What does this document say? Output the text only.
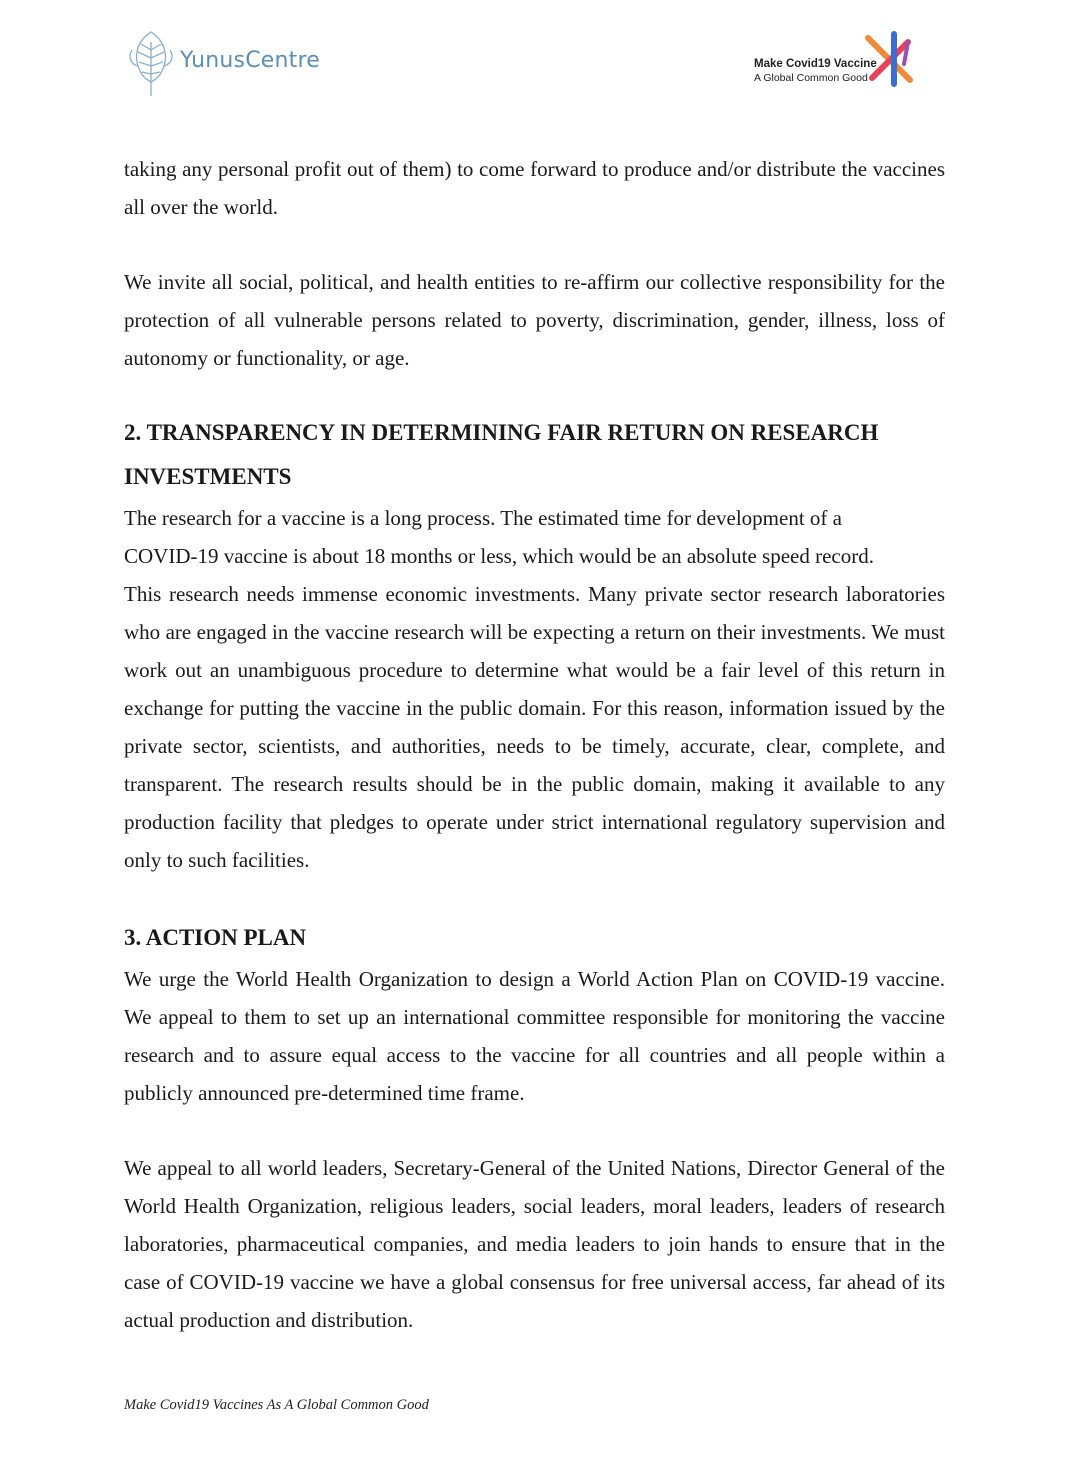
YunusCentre	Make Covid19 Vaccine
A Global Common Good

taking any personal profit out of them) to come forward to produce and/or distribute the vaccines all over the world.

We invite all social, political, and health entities to re-affirm our collective responsibility for the protection of all vulnerable persons related to poverty, discrimination, gender, illness, loss of autonomy or functionality, or age.

2. TRANSPARENCY IN DETERMINING FAIR RETURN ON RESEARCH INVESTMENTS

The research for a vaccine is a long process. The estimated time for development of a

COVID-19 vaccine is about 18 months or less, which would be an absolute speed record.

This research needs immense economic investments. Many private sector research laboratories who are engaged in the vaccine research will be expecting a return on their investments. We must work out an unambiguous procedure to determine what would be a fair level of this return in exchange for putting the vaccine in the public domain. For this reason, information issued by the private sector, scientists, and authorities, needs to be timely, accurate, clear, complete, and transparent. The research results should be in the public domain, making it available to any production facility that pledges to operate under strict international regulatory supervision and only to such facilities.

3. ACTION PLAN

We urge the World Health Organization to design a World Action Plan on COVID-19 vaccine. We appeal to them to set up an international committee responsible for monitoring the vaccine research and to assure equal access to the vaccine for all countries and all people within a publicly announced pre-determined time frame.

We appeal to all world leaders, Secretary-General of the United Nations, Director General of the World Health Organization, religious leaders, social leaders, moral leaders, leaders of research laboratories, pharmaceutical companies, and media leaders to join hands to ensure that in the case of COVID-19 vaccine we have a global consensus for free universal access, far ahead of its actual production and distribution.

Make Covid19 Vaccines As A Global Common Good
